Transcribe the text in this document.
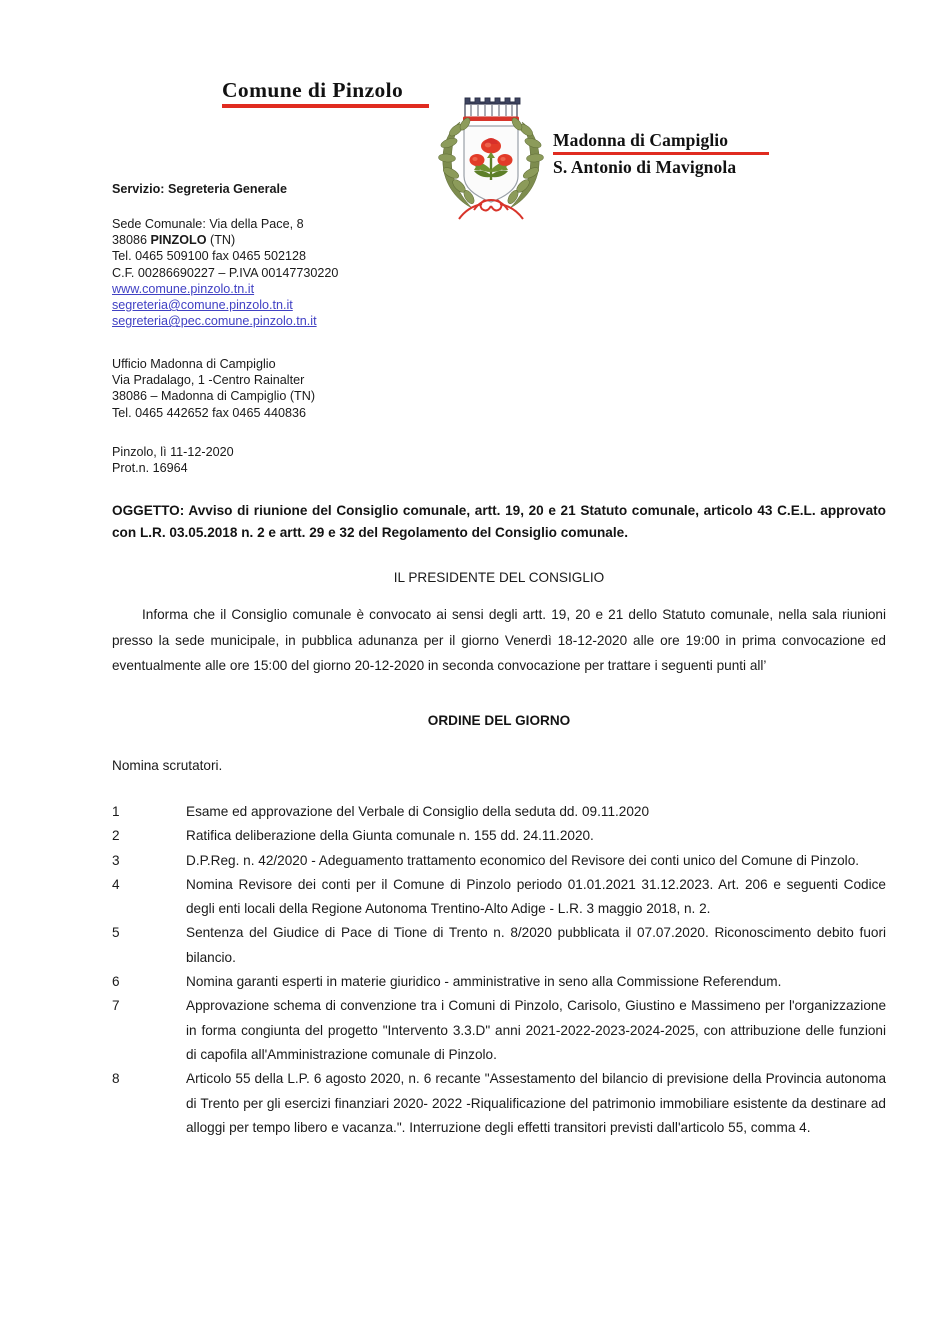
Comune di Pinzolo
Madonna di Campiglio
S. Antonio di Mavignola
Servizio: Segreteria Generale
Sede Comunale: Via della Pace, 8
38086 PINZOLO (TN)
Tel. 0465 509100 fax 0465 502128
C.F. 00286690227 – P.IVA 00147730220
www.comune.pinzolo.tn.it
segreteria@comune.pinzolo.tn.it
segreteria@pec.comune.pinzolo.tn.it
Ufficio Madonna di Campiglio
Via Pradalago, 1 -Centro Rainalter
38086 – Madonna di Campiglio (TN)
Tel. 0465 442652 fax 0465 440836
Pinzolo, lì 11-12-2020
Prot.n. 16964
OGGETTO: Avviso di riunione del Consiglio comunale, artt. 19, 20 e 21 Statuto comunale, articolo 43 C.E.L. approvato con L.R. 03.05.2018 n. 2 e artt. 29 e 32 del Regolamento del Consiglio comunale.
IL PRESIDENTE DEL CONSIGLIO
Informa che il Consiglio comunale è convocato ai sensi degli artt. 19, 20 e 21 dello Statuto comunale, nella sala riunioni presso la sede municipale, in pubblica adunanza per il giorno Venerdì 18-12-2020 alle ore 19:00 in prima convocazione ed eventualmente alle ore 15:00 del giorno 20-12-2020 in seconda convocazione per trattare i seguenti punti all’
ORDINE DEL GIORNO
Nomina scrutatori.
1	Esame ed approvazione del Verbale di Consiglio della seduta dd. 09.11.2020
2	Ratifica deliberazione della Giunta comunale n. 155 dd. 24.11.2020.
3	D.P.Reg. n. 42/2020 - Adeguamento trattamento economico del Revisore dei conti unico del Comune di Pinzolo.
4	Nomina Revisore dei conti per il Comune di Pinzolo periodo 01.01.2021 31.12.2023. Art. 206 e seguenti Codice degli enti locali della Regione Autonoma Trentino-Alto Adige - L.R. 3 maggio 2018, n. 2.
5	Sentenza del Giudice di Pace di Tione di Trento n. 8/2020 pubblicata il 07.07.2020. Riconoscimento debito fuori bilancio.
6	Nomina garanti esperti in materie giuridico - amministrative in seno alla Commissione Referendum.
7	Approvazione schema di convenzione tra i Comuni di Pinzolo, Carisolo, Giustino e Massimeno per l'organizzazione in forma congiunta del progetto "Intervento 3.3.D" anni 2021-2022-2023-2024-2025, con attribuzione delle funzioni di capofila all'Amministrazione comunale di Pinzolo.
8	Articolo 55 della L.P. 6 agosto 2020, n. 6 recante "Assestamento del bilancio di previsione della Provincia autonoma di Trento per gli esercizi finanziari 2020- 2022 -Riqualificazione del patrimonio immobiliare esistente da destinare ad alloggi per tempo libero e vacanza.". Interruzione degli effetti transitori previsti dall'articolo 55, comma 4.
